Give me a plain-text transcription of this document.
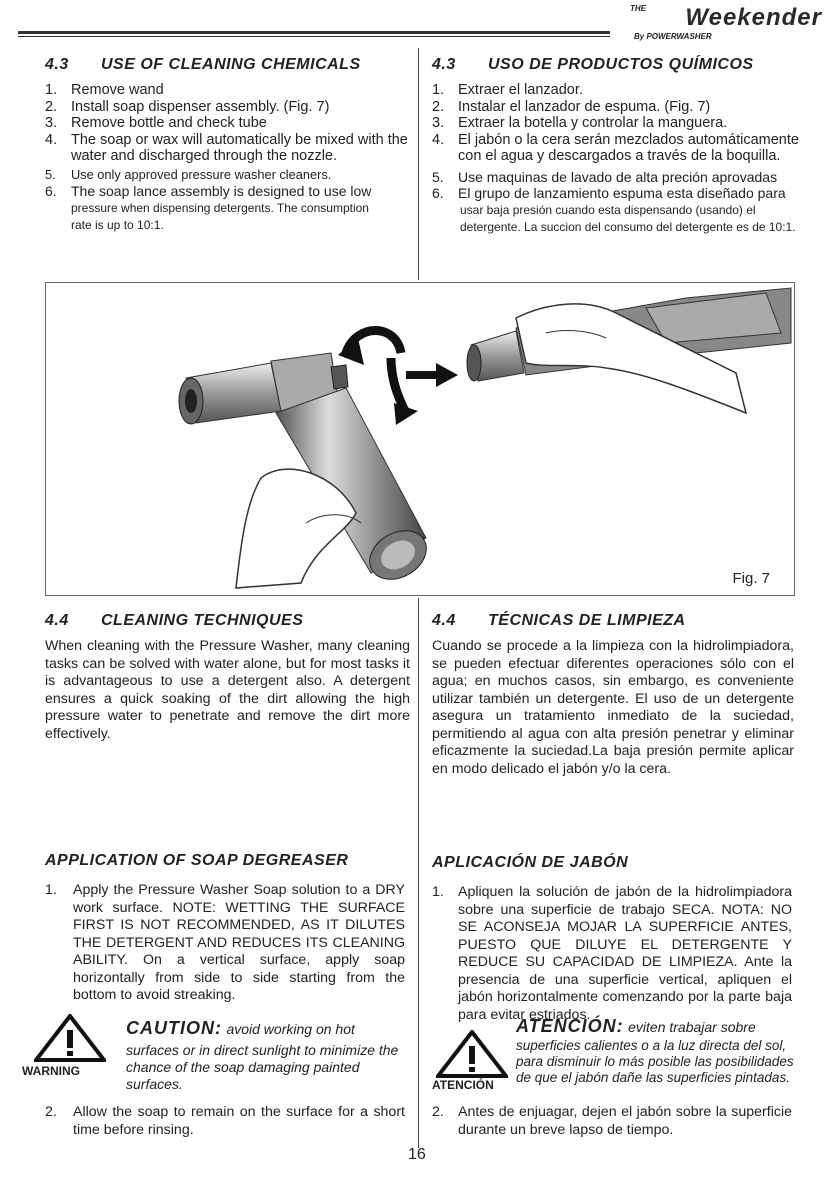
THE	Weekender
By POWERWASHER
4.3 USE OF CLEANING CHEMICALS
1. Remove wand
2. Install soap dispenser assembly. (Fig. 7)
3. Remove bottle and check tube
4. The soap or wax will automatically be mixed with the water and discharged through the nozzle.
5. Use only approved pressure washer cleaners.
6. The soap lance assembly is designed to use low
pressure when dispensing detergents. The consumption rate is up to 10:1.
4.3 USO DE PRODUCTOS QUÍMICOS
1. Extraer el lanzador.
2. Instalar el lanzador de espuma. (Fig. 7)
3. Extraer la botella y controlar la manguera.
4. El jabón o la cera serán mezclados automáticamente con el agua y descargados a través de la boquilla.
5. Use maquinas de lavado de alta preción aprovadas
6. El grupo de lanzamiento espuma esta diseñado para
usar baja presión cuando esta dispensando (usando) el detergente. La succion del consumo del detergente es de 10:1.
Fig. 7
4.4 CLEANING TECHNIQUES

When cleaning with the Pressure Washer, many cleaning tasks can be solved with water alone, but for most tasks it is advantageous to use a detergent also. A detergent ensures a quick soaking of the dirt allowing the high pressure water to penetrate and remove the dirt more effectively.

4.4 TÉCNICAS DE LIMPIEZA

Cuando se procede a la limpieza con la hidrolimpiadora, se pueden efectuar diferentes operaciones sólo con el agua; en muchos casos, sin embargo, es conveniente utilizar también un detergente. El uso de un detergente asegura un tratamiento inmediato de la suciedad, permitiendo al agua con alta presión penetrar y eliminar eficazmente la suciedad.La baja presión permite aplicar en modo delicado el jabón y/o la cera.

APPLICATION OF SOAP DEGREASER
1. Apply the Pressure Washer Soap solution to a DRY work surface. NOTE: WETTING THE SURFACE FIRST IS NOT RECOMMENDED, AS IT DILUTES THE DETERGENT AND REDUCES ITS CLEANING ABILITY. On a vertical surface, apply soap horizontally from side to side starting from the bottom to avoid streaking.
WARNING
CAUTION: avoid working on hot
surfaces or in direct sunlight to minimize the chance of the soap damaging painted surfaces.
2. Allow the soap to remain on the surface for a short time before rinsing.
APLICACIÓN DE JABÓN
1. Apliquen la solución de jabón de la hidrolimpiadora sobre una superficie de trabajo SECA. NOTA: NO SE ACONSEJA MOJAR LA SUPERFICIE ANTES, PUESTO QUE DILUYE EL DETERGENTE Y REDUCE SU CAPACIDAD DE LIMPIEZA. Ante la presencia de una superficie vertical, apliquen el jabón horizontalmente comenzando por la parte baja para evitar estriados.
ATENCIÓN
ATENCIÓN: eviten trabajar sobre
superficies calientes o a la luz directa del sol, para disminuir lo más posible las posibilidades de que el jabón dañe las superficies pintadas.
2. Antes de enjuagar, dejen el jabón sobre la superficie durante un breve lapso de tiempo.
16
